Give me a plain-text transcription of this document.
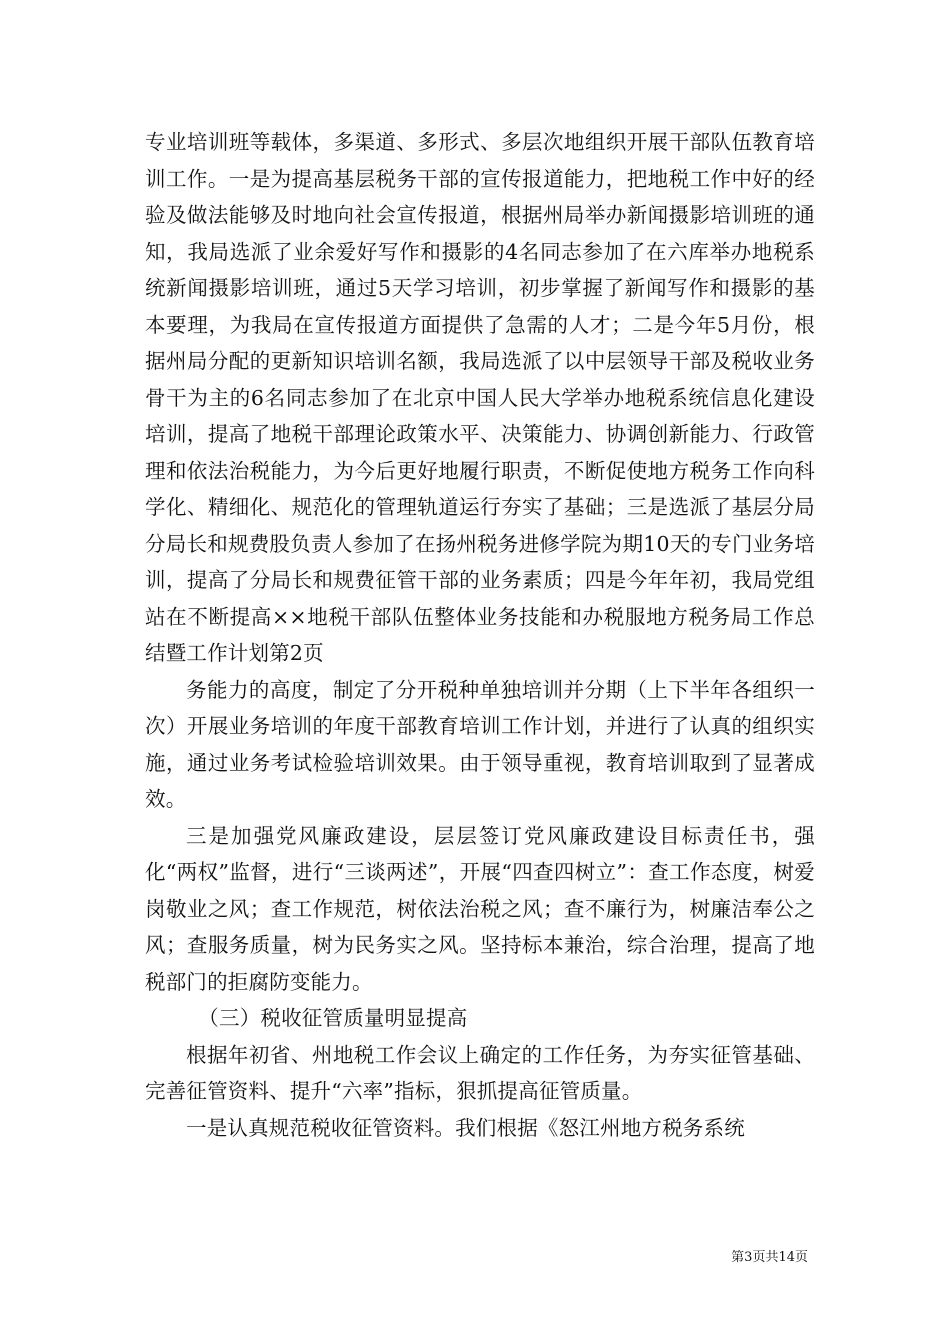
专业培训班等载体，多渠道、多形式、多层次地组织开展干部队伍教育培训工作。一是为提高基层税务干部的宣传报道能力，把地税工作中好的经验及做法能够及时地向社会宣传报道，根据州局举办新闻摄影培训班的通知，我局选派了业余爱好写作和摄影的4名同志参加了在六库举办地税系统新闻摄影培训班，通过5天学习培训，初步掌握了新闻写作和摄影的基本要理，为我局在宣传报道方面提供了急需的人才；二是今年5月份，根据州局分配的更新知识培训名额，我局选派了以中层领导干部及税收业务骨干为主的6名同志参加了在北京中国人民大学举办地税系统信息化建设培训，提高了地税干部理论政策水平、决策能力、协调创新能力、行政管理和依法治税能力，为今后更好地履行职责，不断促使地方税务工作向科学化、精细化、规范化的管理轨道运行夯实了基础；三是选派了基层分局分局长和规费股负责人参加了在扬州税务进修学院为期10天的专门业务培训，提高了分局长和规费征管干部的业务素质；四是今年年初，我局党组站在不断提高××地税干部队伍整体业务技能和办税服地方税务局工作总结暨工作计划第2页

务能力的高度，制定了分开税种单独培训并分期（上下半年各组织一次）开展业务培训的年度干部教育培训工作计划，并进行了认真的组织实施，通过业务考试检验培训效果。由于领导重视，教育培训取到了显著成效。

三是加强党风廉政建设，层层签订党风廉政建设目标责任书，强化“两权”监督，进行“三谈两述”，开展“四查四树立”：查工作态度，树爱岗敬业之风；查工作规范，树依法治税之风；查不廉行为，树廉洁奉公之风；查服务质量，树为民务实之风。坚持标本兼治，综合治理，提高了地税部门的拒腐防变能力。

（三）税收征管质量明显提高

根据年初省、州地税工作会议上确定的工作任务，为夯实征管基础、完善征管资料、提升“六率”指标，狠抓提高征管质量。

一是认真规范税收征管资料。我们根据《怒江州地方税务系统

第3页共14页
